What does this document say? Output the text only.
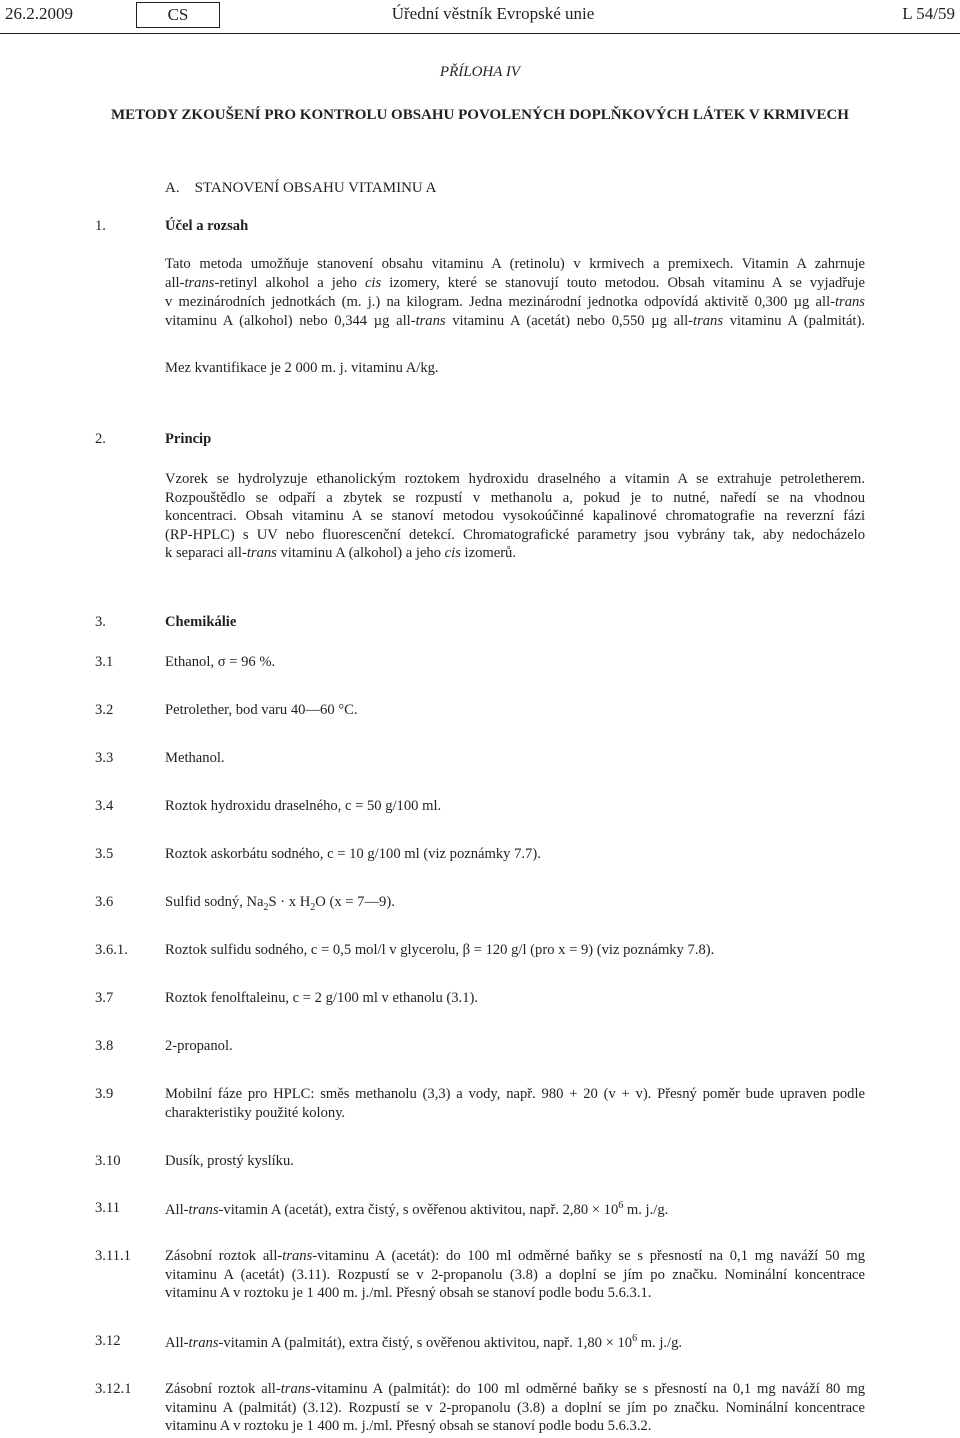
26.2.2009	CS	Úřední věstník Evropské unie	L 54/59
PŘÍLOHA IV
METODY ZKOUŠENÍ PRO KONTROLU OBSAHU POVOLENÝCH DOPLŇKOVÝCH LÁTEK V KRMIVECH
A. STANOVENÍ OBSAHU VITAMINU A
1.	Účel a rozsah
Tato metoda umožňuje stanovení obsahu vitaminu A (retinolu) v krmivech a premixech. Vitamin A zahrnuje
all-trans-retinyl alkohol a jeho cis izomery, které se stanovují touto metodou. Obsah vitaminu A se vyjadřuje
v mezinárodních jednotkách (m. j.) na kilogram. Jedna mezinárodní jednotka odpovídá aktivitě 0,300 µg all-trans
vitaminu A (alkohol) nebo 0,344 µg all-trans vitaminu A (acetát) nebo 0,550 µg all-trans vitaminu A (palmitát).
Mez kvantifikace je 2 000 m. j. vitaminu A/kg.
2.	Princip
Vzorek se hydrolyzuje ethanolickým roztokem hydroxidu draselného a vitamin A se extrahuje petroletherem.
Rozpouštědlo se odpaří a zbytek se rozpustí v methanolu a, pokud je to nutné, naředí se na vhodnou
koncentraci. Obsah vitaminu A se stanoví metodou vysokoúčinné kapalinové chromatografie na reverzní fázi
(RP-HPLC) s UV nebo fluorescenční detekcí. Chromatografické parametry jsou vybrány tak, aby nedocházelo
k separaci all-trans vitaminu A (alkohol) a jeho cis izomerů.
3.	Chemikálie
3.1	Ethanol, σ = 96 %.
3.2	Petrolether, bod varu 40—60 °C.
3.3	Methanol.
3.4	Roztok hydroxidu draselného, c = 50 g/100 ml.
3.5	Roztok askorbátu sodného, c = 10 g/100 ml (viz poznámky 7.7).
3.6	Sulfid sodný, $Na_2S \cdot x$ $H_2O$ (x = 7—9).
3.6.1.	Roztok sulfidu sodného, c = 0,5 mol/l v glycerolu, β = 120 g/l (pro x = 9) (viz poznámky 7.8).
3.7	Roztok fenolftaleinu, c = 2 g/100 ml v ethanolu (3.1).
3.8	2-propanol.
3.9	Mobilní fáze pro HPLC: směs methanolu (3,3) a vody, např. 980 + 20 (v + v). Přesný poměr bude upraven podle
charakteristiky použité kolony.
3.10	Dusík, prostý kyslíku.
3.11	All-trans-vitamin A (acetát), extra čistý, s ověřenou aktivitou, např. $2,80 \times 10^6$ m. j./g.
3.11.1 Zásobní roztok all-trans-vitaminu A (acetát): do 100 ml odměrné baňky se s přesností na 0,1 mg naváží 50 mg
vitaminu A (acetát) (3.11). Rozpustí se v 2-propanolu (3.8) a doplní se jím po značku. Nominální koncentrace
vitaminu A v roztoku je 1 400 m. j./ml. Přesný obsah se stanoví podle bodu 5.6.3.1.
3.12	All-trans-vitamin A (palmitát), extra čistý, s ověřenou aktivitou, např. $1,80 \times 10^6$ m. j./g.
3.12.1 Zásobní roztok all-trans-vitaminu A (palmitát): do 100 ml odměrné baňky se s přesností na 0,1 mg naváží 80 mg
vitaminu A (palmitát) (3.12). Rozpustí se v 2-propanolu (3.8) a doplní se jím po značku. Nominální koncentrace
vitaminu A v roztoku je 1 400 m. j./ml. Přesný obsah se stanoví podle bodu 5.6.3.2.
